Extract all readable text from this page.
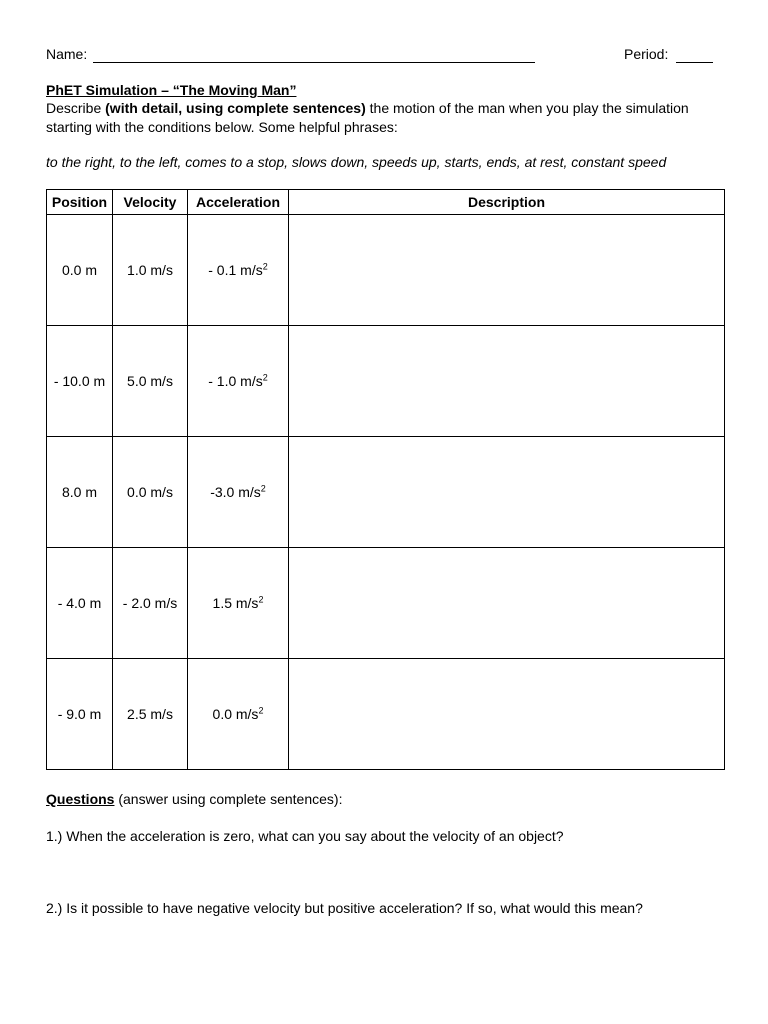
Name:	Period:
PhET Simulation – “The Moving Man”
Describe (with detail, using complete sentences) the motion of the man when you play the simulation starting with the conditions below. Some helpful phrases:
to the right, to the left, comes to a stop, slows down, speeds up, starts, ends, at rest, constant speed
Position	Velocity	Acceleration	Description
0.0 m	1.0 m/s	- 0.1 $m/s^2$	
- 10.0 m	5.0 m/s	- 1.0 $m/s^2$	
8.0 m	0.0 m/s	-3.0 $m/s^2$	
- 4.0 m	- 2.0 m/s	1.5 $m/s^2$	
- 9.0 m	2.5 m/s	0.0 $m/s^2$	
Questions (answer using complete sentences):
1.) When the acceleration is zero, what can you say about the velocity of an object?
2.) Is it possible to have negative velocity but positive acceleration? If so, what would this mean?
